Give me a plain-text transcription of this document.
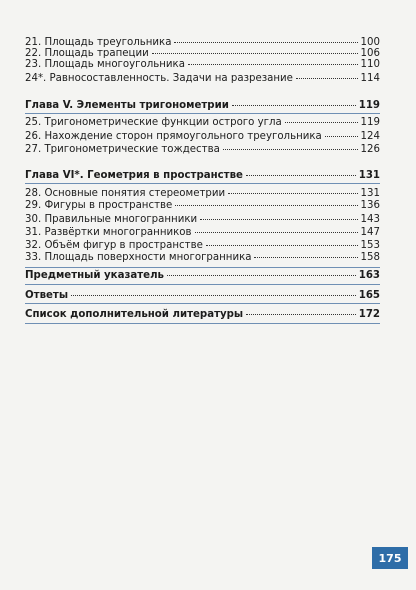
21. Площадь треугольника	100
22. Площадь трапеции	106
23. Площадь многоугольника	110
24*. Равносоставленность. Задачи на разрезание	114
Глава V. Элементы тригонометрии	119
25. Тригонометрические функции острого угла	119
26. Нахождение сторон прямоугольного треугольника	124
27. Тригонометрические тождества	126
Глава VI*. Геометрия в пространстве	131
28. Основные понятия стереометрии	131
29. Фигуры в пространстве	136
30. Правильные многогранники	143
31. Развёртки многогранников	147
32. Объём фигур в пространстве	153
33. Площадь поверхности многогранника	158
Предметный указатель	163
Ответы	165
Список дополнительной литературы	172
175
